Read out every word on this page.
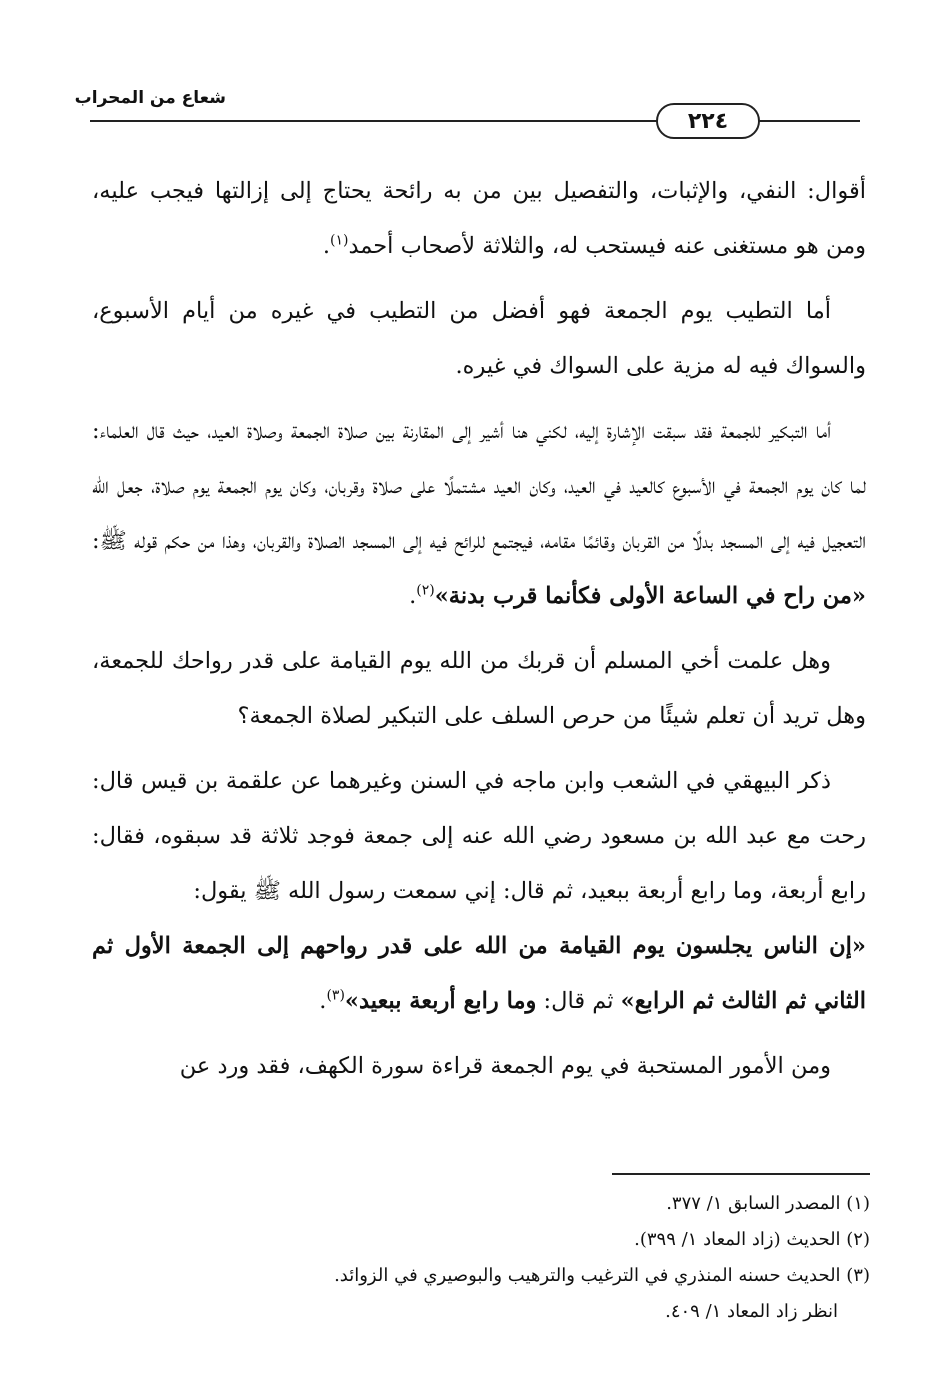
شعاع من المحراب
٢٢٤

أقوال: النفي، والإثبات، والتفصيل بين من به رائحة يحتاج إلى إزالتها فيجب عليه، ومن هو مستغنى عنه فيستحب له، والثلاثة لأصحاب أحمد$^{(١)}$.

أما التطيب يوم الجمعة فهو أفضل من التطيب في غيره من أيام الأسبوع، والسواك فيه له مزية على السواك في غيره.

أما التبكير للجمعة فقد سبقت الإشارة إليه، لكني هنا أشير إلى المقارنة بين صلاة الجمعة وصلاة العيد، حيث قال العلماء: لما كان يوم الجمعة في الأسبوع كالعيد في العيد، وكان العيد مشتملًا على صلاة وقربان، وكان يوم الجمعة يوم صلاة، جعل الله التعجيل فيه إلى المسجد بدلًا من القربان وقائمًا مقامه، فيجتمع للرائح فيه إلى المسجد الصلاة والقربان، وهذا من حكم قوله ﷺ: «من راح في الساعة الأولى فكأنما قرب بدنة»$^{(٢)}$.

وهل علمت أخي المسلم أن قربك من الله يوم القيامة على قدر رواحك للجمعة، وهل تريد أن تعلم شيئًا من حرص السلف على التبكير لصلاة الجمعة؟

ذكر البيهقي في الشعب وابن ماجه في السنن وغيرهما عن علقمة بن قيس قال: رحت مع عبد الله بن مسعود رضي الله عنه إلى جمعة فوجد ثلاثة قد سبقوه، فقال: رابع أربعة، وما رابع أربعة ببعيد، ثم قال: إني سمعت رسول الله ﷺ يقول:

«إن الناس يجلسون يوم القيامة من الله على قدر رواحهم إلى الجمعة الأول ثم الثاني ثم الثالث ثم الرابع» ثم قال: وما رابع أربعة ببعيد»$^{(٣)}$.

ومن الأمور المستحبة في يوم الجمعة قراءة سورة الكهف، فقد ورد عن

(١) المصدر السابق ١/ ٣٧٧.

(٢) الحديث (زاد المعاد ١/ ٣٩٩).

(٣) الحديث حسنه المنذري في الترغيب والترهيب والبوصيري في الزوائد.

انظر زاد المعاد ١/ ٤٠٩.
